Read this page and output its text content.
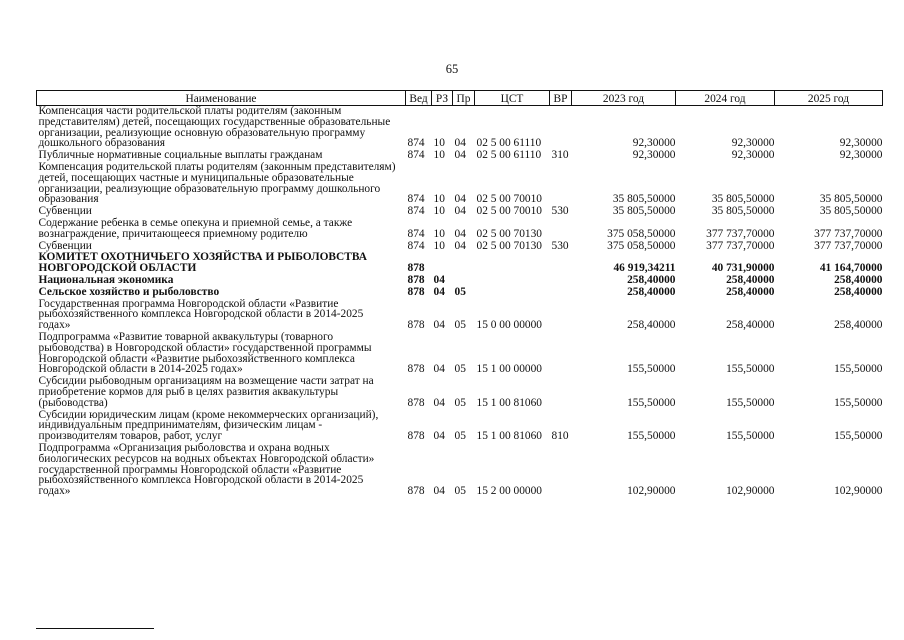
65
Наименование	Вед	РЗ	Пр	ЦСТ	ВР	2023 год	2024 год	2025 год
Компенсация части родительской платы родителям (законным представителям) детей, посещающих государственные образовательные организации, реализующие основную образовательную программу дошкольного образования	874	10	04	02 5 00 61110		92,30000	92,30000	92,30000
Публичные нормативные социальные выплаты гражданам	874	10	04	02 5 00 61110	310	92,30000	92,30000	92,30000
Компенсация родительской платы родителям (законным представителям) детей, посещающих частные и муниципальные образовательные организации, реализующие образовательную программу дошкольного образования	874	10	04	02 5 00 70010		35 805,50000	35 805,50000	35 805,50000
Субвенции	874	10	04	02 5 00 70010	530	35 805,50000	35 805,50000	35 805,50000
Содержание ребенка в семье опекуна и приемной семье, а также вознаграждение, причитающееся приемному родителю	874	10	04	02 5 00 70130		375 058,50000	377 737,70000	377 737,70000
Субвенции	874	10	04	02 5 00 70130	530	375 058,50000	377 737,70000	377 737,70000
КОМИТЕТ ОХОТНИЧЬЕГО ХОЗЯЙСТВА И РЫБОЛОВСТВА НОВГОРОДСКОЙ ОБЛАСТИ	878					46 919,34211	40 731,90000	41 164,70000
Национальная экономика	878	04				258,40000	258,40000	258,40000
Сельское хозяйство и рыболовство	878	04	05			258,40000	258,40000	258,40000
Государственная программа Новгородской области «Развитие рыбохозяйственного комплекса Новгородской области в 2014-2025 годах»	878	04	05	15 0 00 00000		258,40000	258,40000	258,40000
Подпрограмма «Развитие товарной аквакультуры (товарного рыбоводства) в Новгородской области» государственной программы Новгородской области «Развитие рыбохозяйственного комплекса Новгородской области в 2014-2025 годах»	878	04	05	15 1 00 00000		155,50000	155,50000	155,50000
Субсидии рыбоводным организациям на возмещение части затрат на приобретение кормов для рыб в целях развития аквакультуры (рыбоводства)	878	04	05	15 1 00 81060		155,50000	155,50000	155,50000
Субсидии юридическим лицам (кроме некоммерческих организаций), индивидуальным предпринимателям, физическим лицам - производителям товаров, работ, услуг	878	04	05	15 1 00 81060	810	155,50000	155,50000	155,50000
Подпрограмма «Организация рыболовства и охрана водных биологических ресурсов на водных объектах Новгородской области» государственной программы Новгородской области «Развитие рыбохозяйственного комплекса Новгородской области в 2014-2025 годах»	878	04	05	15 2 00 00000		102,90000	102,90000	102,90000
